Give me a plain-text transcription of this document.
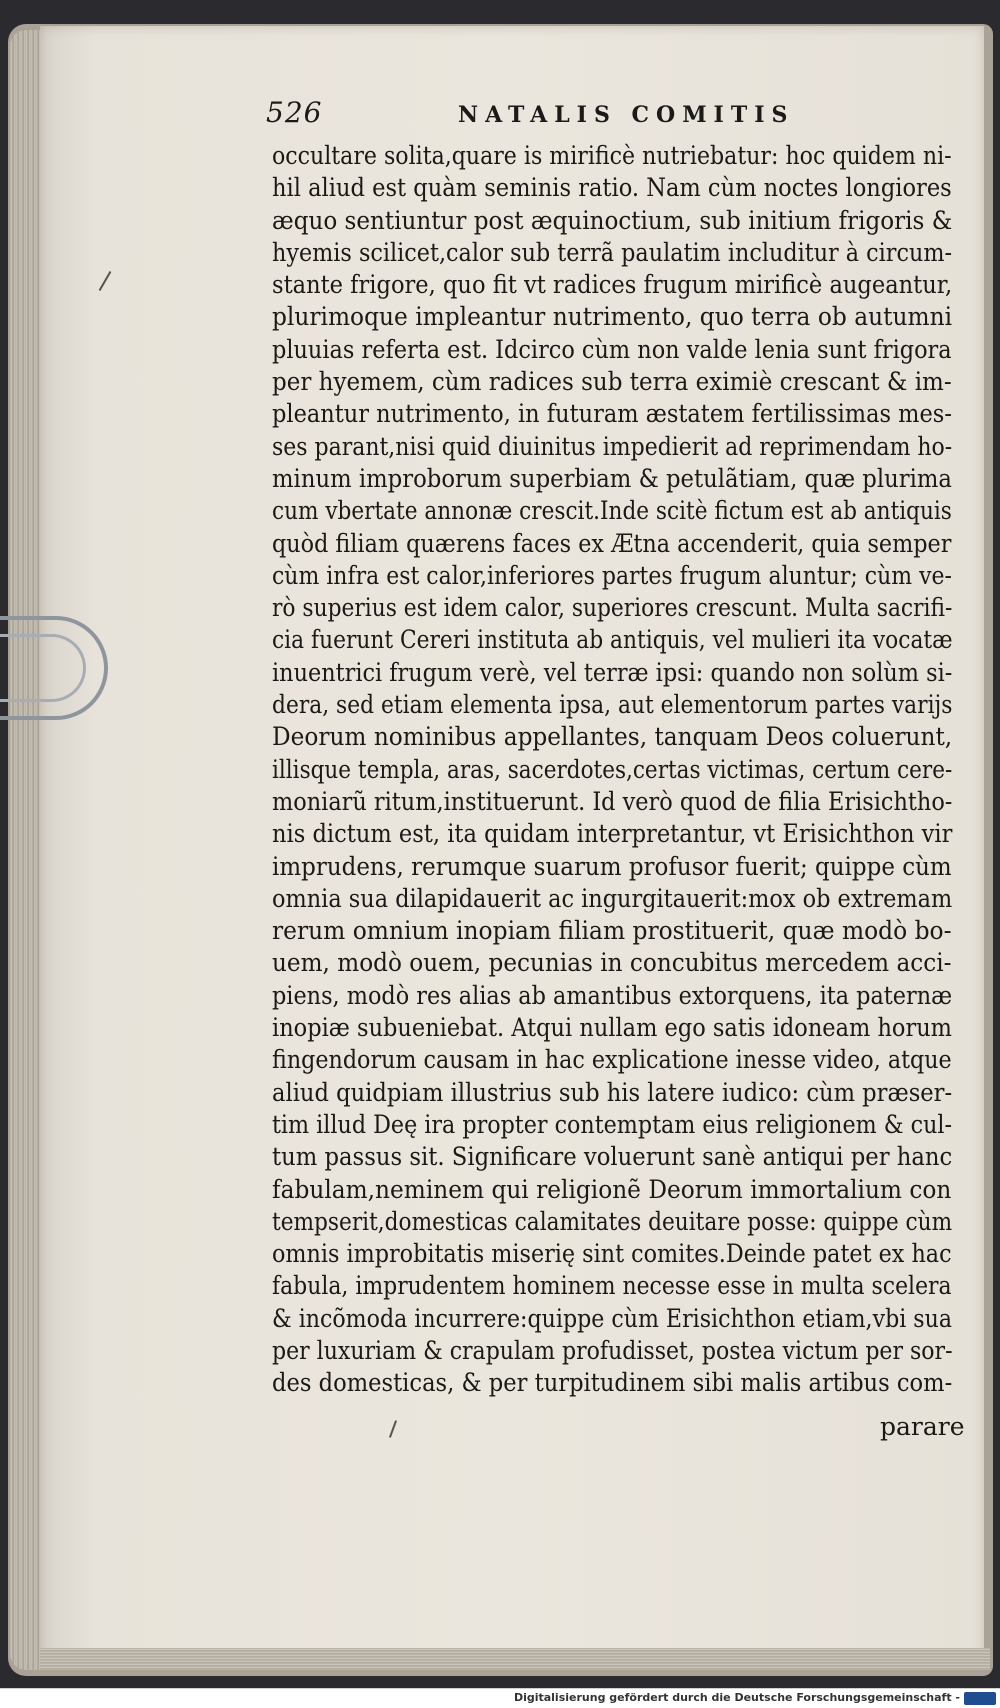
526	NATALIS COMITIS
occultare solita,quare is mirificè nutriebatur: hoc quidem ni-
hil aliud est quàm seminis ratio. Nam cùm noctes longiores
æquo sentiuntur post æquinoctium, sub initium frigoris &
hyemis scilicet,calor sub terrã paulatim includitur à circum-
stante frigore, quo fit vt radices frugum mirificè augeantur,
plurimoque impleantur nutrimento, quo terra ob autumni
pluuias referta est. Idcirco cùm non valde lenia sunt frigora
per hyemem, cùm radices sub terra eximiè crescant & im-
pleantur nutrimento, in futuram æstatem fertilissimas mes-
ses parant,nisi quid diuinitus impedierit ad reprimendam ho-
minum improborum superbiam & petulãtiam, quæ plurima
cum vbertate annonæ crescit.Inde scitè fictum est ab antiquis
quòd filiam quærens faces ex Ætna accenderit, quia semper
cùm infra est calor,inferiores partes frugum aluntur; cùm ve-
rò superius est idem calor, superiores crescunt. Multa sacrifi-
cia fuerunt Cereri instituta ab antiquis, vel mulieri ita vocatæ
inuentrici frugum verè, vel terræ ipsi: quando non solùm si-
dera, sed etiam elementa ipsa, aut elementorum partes varijs
Deorum nominibus appellantes, tanquam Deos coluerunt,
illisque templa, aras, sacerdotes,certas victimas, certum cere-
moniarũ ritum,instituerunt. Id verò quod de filia Erisichtho-
nis dictum est, ita quidam interpretantur, vt Erisichthon vir
imprudens, rerumque suarum profusor fuerit; quippe cùm
omnia sua dilapidauerit ac ingurgitauerit:mox ob extremam
rerum omnium inopiam filiam prostituerit, quæ modò bo-
uem, modò ouem, pecunias in concubitus mercedem acci-
piens, modò res alias ab amantibus extorquens, ita paternæ
inopiæ subueniebat. Atqui nullam ego satis idoneam horum
fingendorum causam in hac explicatione inesse video, atque
aliud quidpiam illustrius sub his latere iudico: cùm præser-
tim illud Deę ira propter contemptam eius religionem & cul-
tum passus sit. Significare voluerunt sanè antiqui per hanc
fabulam,neminem qui religionẽ Deorum immortalium con
tempserit,domesticas calamitates deuitare posse: quippe cùm
omnis improbitatis miserię sint comites.Deinde patet ex hac
fabula, imprudentem hominem necesse esse in multa scelera
& incõmoda incurrere:quippe cùm Erisichthon etiam,vbi sua
per luxuriam & crapulam profudisset, postea victum per sor-
des domesticas, & per turpitudinem sibi malis artibus com-
parare
Digitalisierung gefördert durch die Deutsche Forschungsgemeinschaft -
